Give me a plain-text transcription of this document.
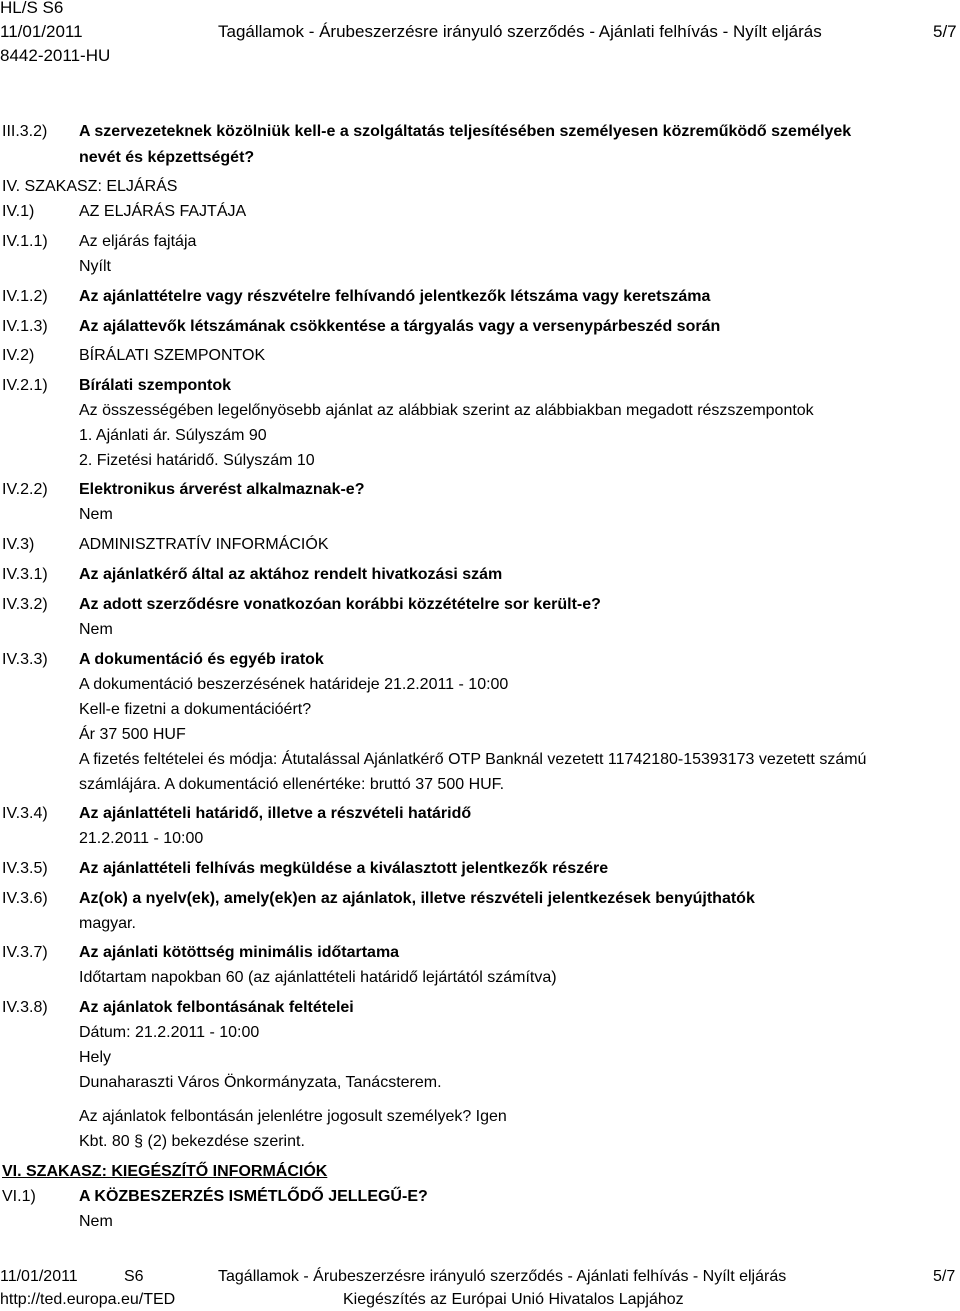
HL/S S6
11/01/2011	Tagállamok - Árubeszerzésre irányuló szerződés - Ajánlati felhívás - Nyílt eljárás	5/7
8442-2011-HU
III.3.2) A szervezeteknek közölniük kell-e a szolgáltatás teljesítésében személyesen közreműködő személyek
nevét és képzettségét?
IV. SZAKASZ: ELJÁRÁS
IV.1)	AZ ELJÁRÁS FAJTÁJA
IV.1.1) Az eljárás fajtája
Nyílt
IV.1.2) Az ajánlattételre vagy részvételre felhívandó jelentkezők létszáma vagy keretszáma
IV.1.3) Az ajálattevők létszámának csökkentése a tárgyalás vagy a versenypárbeszéd során
IV.2)	BÍRÁLATI SZEMPONTOK
IV.2.1) Bírálati szempontok
Az összességében legelőnyösebb ajánlat az alábbiak szerint az alábbiakban megadott részszempontok
1. Ajánlati ár. Súlyszám 90
2. Fizetési határidő. Súlyszám 10
IV.2.2) Elektronikus árverést alkalmaznak-e?
Nem
IV.3)	ADMINISZTRATÍV INFORMÁCIÓK
IV.3.1) Az ajánlatkérő által az aktához rendelt hivatkozási szám
IV.3.2) Az adott szerződésre vonatkozóan korábbi közzétételre sor került-e?
Nem
IV.3.3) A dokumentáció és egyéb iratok
A dokumentáció beszerzésének határideje 21.2.2011 - 10:00
Kell-e fizetni a dokumentációért?
Ár 37 500 HUF
A fizetés feltételei és módja: Átutalással Ajánlatkérő OTP Banknál vezetett 11742180-15393173 vezetett számú
számlájára. A dokumentáció ellenértéke: bruttó 37 500 HUF.
IV.3.4) Az ajánlattételi határidő, illetve a részvételi határidő
21.2.2011 - 10:00
IV.3.5) Az ajánlattételi felhívás megküldése a kiválasztott jelentkezők részére
IV.3.6) Az(ok) a nyelv(ek), amely(ek)en az ajánlatok, illetve részvételi jelentkezések benyújthatók
magyar.
IV.3.7) Az ajánlati kötöttség minimális időtartama
Időtartam napokban 60 (az ajánlattételi határidő lejártától számítva)
IV.3.8) Az ajánlatok felbontásának feltételei
Dátum: 21.2.2011 - 10:00
Hely
Dunaharaszti Város Önkormányzata, Tanácsterem.
Az ajánlatok felbontásán jelenlétre jogosult személyek? Igen
Kbt. 80 § (2) bekezdése szerint.
VI. SZAKASZ: KIEGÉSZÍTŐ INFORMÁCIÓK
VI.1)	A KÖZBESZERZÉS ISMÉTLŐDŐ JELLEGŰ-E?
Nem
11/01/2011	S6	Tagállamok - Árubeszerzésre irányuló szerződés - Ajánlati felhívás - Nyílt eljárás	5/7
http://ted.europa.eu/TED	Kiegészítés az Európai Unió Hivatalos Lapjához
